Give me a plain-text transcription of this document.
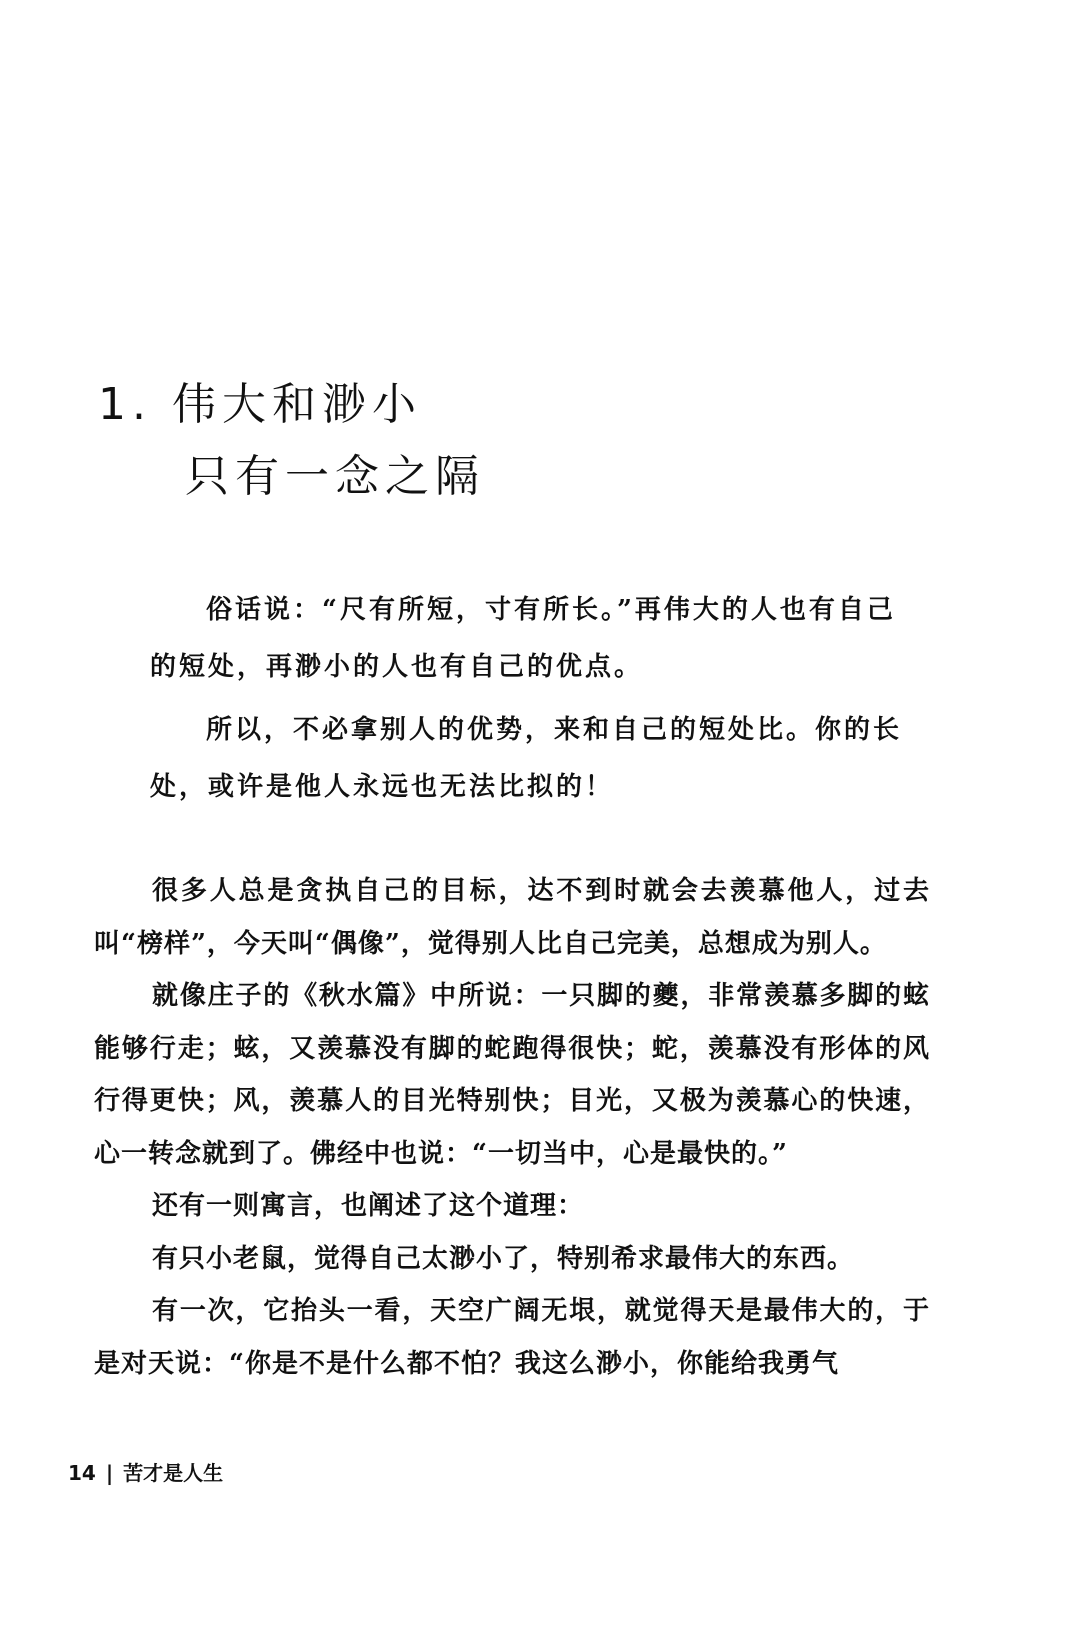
1. 伟大和渺小
只有一念之隔

俗话说：“尺有所短，寸有所长。”再伟大的人也有自己的短处，再渺小的人也有自己的优点。

所以，不必拿别人的优势，来和自己的短处比。你的长处，或许是他人永远也无法比拟的！

很多人总是贪执自己的目标，达不到时就会去羡慕他人，过去叫“榜样”，今天叫“偶像”，觉得别人比自己完美，总想成为别人。

就像庄子的《秋水篇》中所说：一只脚的夔，非常羡慕多脚的蚿能够行走；蚿，又羡慕没有脚的蛇跑得很快；蛇，羡慕没有形体的风行得更快；风，羡慕人的目光特别快；目光，又极为羡慕心的快速，心一转念就到了。佛经中也说：“一切当中，心是最快的。”

还有一则寓言，也阐述了这个道理：

有只小老鼠，觉得自己太渺小了，特别希求最伟大的东西。

有一次，它抬头一看，天空广阔无垠，就觉得天是最伟大的，于是对天说：“你是不是什么都不怕？我这么渺小，你能给我勇气

14 | 苦才是人生
